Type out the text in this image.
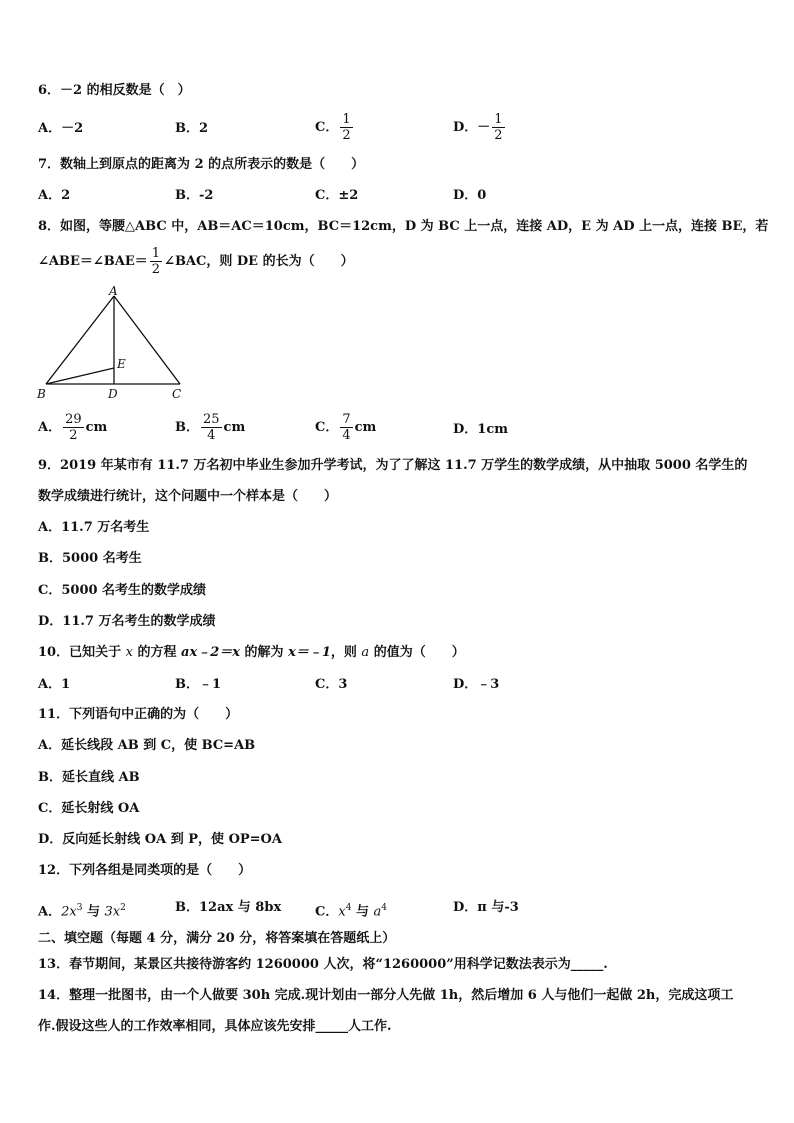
6．－2 的相反数是（　）
A．－2	B．2	C． $\frac{1}{2}$	D．－ $\frac{1}{2}$
7．数轴上到原点的距离为 2 的点所表示的数是（　　）
A．2	B．-2	C．±2	D．0
8．如图，等腰△ABC 中，AB＝AC＝10cm，BC＝12cm，D 为 BC 上一点，连接 AD，E 为 AD 上一点，连接 BE，若
∠ABE＝∠BAE＝ $\frac{1}{2}$ ∠BAC，则 DE 的长为（　　）
A
B	C
D
E
A． $\frac{29}{2}$ cm	B． $\frac{25}{4}$ cm	C． $\frac{7}{4}$ cm	D．1cm
9．2019 年某市有 11.7 万名初中毕业生参加升学考试，为了了解这 11.7 万学生的数学成绩，从中抽取 5000 名学生的
数学成绩进行统计，这个问题中一个样本是（　　）
A．11.7 万名考生
B．5000 名考生
C．5000 名考生的数学成绩
D．11.7 万名考生的数学成绩
10．已知关于 x 的方程 ax﹣2＝x 的解为 x＝﹣1，则 a 的值为（　　）
A．1	B．﹣1	C．3	D．﹣3
11．下列语句中正确的为（　　）
A．延长线段 AB 到 C，使 BC=AB
B．延长直线 AB
C．延长射线 OA
D．反向延长射线 OA 到 P，使 OP=OA
12．下列各组是同类项的是（　　）
A．$2x^3$ 与 $3x^2$	B．12ax 与 8bx	C．$x^4$ 与 $a^4$	D．π 与-3
二、填空题（每题 4 分，满分 20 分，将答案填在答题纸上）
13．春节期间，某景区共接待游客约 1260000 人次，将“1260000”用科学记数法表示为_____.
14．整理一批图书，由一个人做要 30h 完成.现计划由一部分人先做 1h，然后增加 6 人与他们一起做 2h，完成这项工
作.假设这些人的工作效率相同，具体应该先安排_____人工作.
